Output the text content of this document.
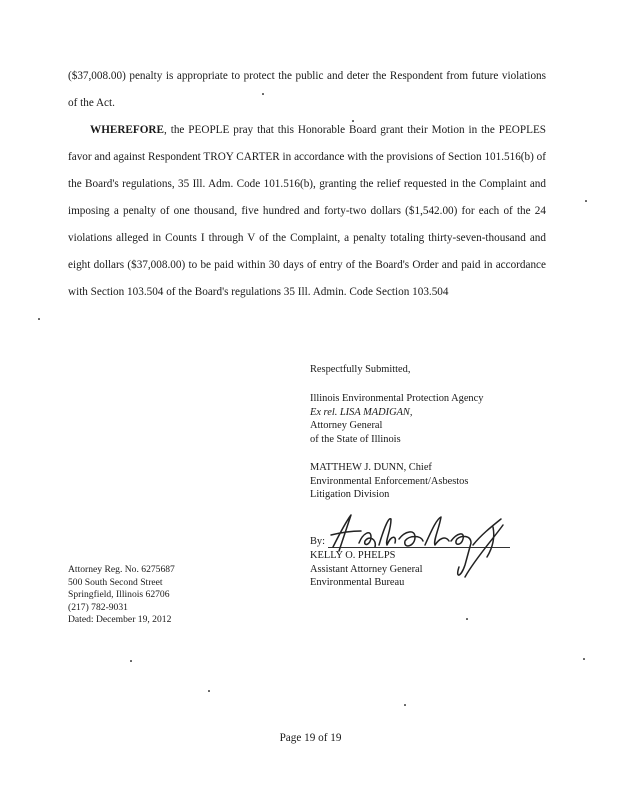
($37,008.00) penalty is appropriate to protect the public and deter the Respondent from future violations of the Act.
WHEREFORE, the PEOPLE pray that this Honorable Board grant their Motion in the PEOPLES favor and against Respondent TROY CARTER in accordance with the provisions of Section 101.516(b) of the Board's regulations, 35 Ill. Adm. Code 101.516(b), granting the relief requested in the Complaint and imposing a penalty of one thousand, five hundred and forty-two dollars ($1,542.00) for each of the 24 violations alleged in Counts I through V of the Complaint, a penalty totaling thirty-seven-thousand and eight dollars ($37,008.00) to be paid within 30 days of entry of the Board's Order and paid in accordance with Section 103.504 of the Board's regulations 35 Ill. Admin. Code Section 103.504
Respectfully Submitted,
Illinois Environmental Protection Agency
Ex rel. LISA MADIGAN,
Attorney General
of the State of Illinois
MATTHEW J. DUNN, Chief
Environmental Enforcement/Asbestos
Litigation Division
By:
KELLY O. PHELPS
Assistant Attorney General
Environmental Bureau
Attorney Reg. No. 6275687
500 South Second Street
Springfield, Illinois 62706
(217) 782-9031
Dated: December 19, 2012
Page 19 of 19
